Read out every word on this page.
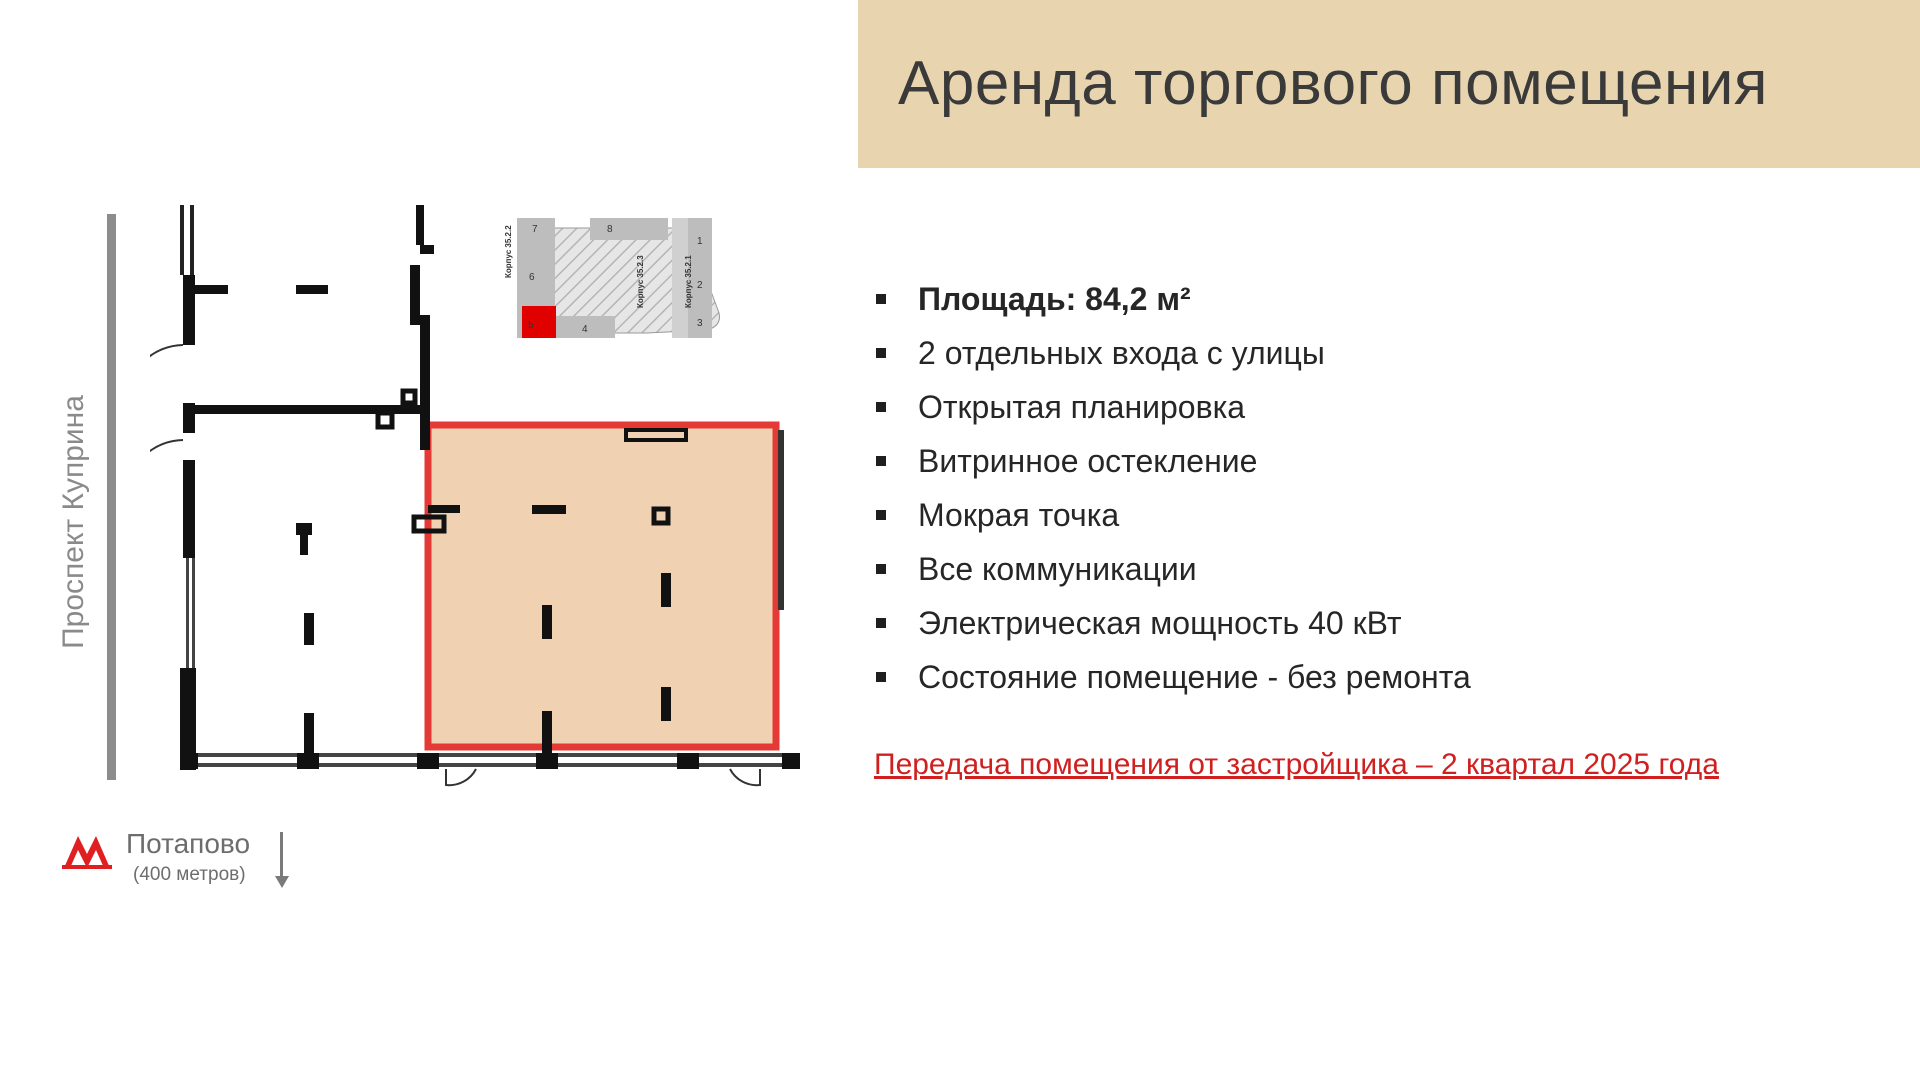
Аренда торгового помещения
Проспект Куприна
7
6
5	4
8
1
2
3
Корпус 35.2.2
Корпус 35.2.3	Корпус 35.2.1	Площадь: 84,2 м²
2 отдельных входа с улицы
Открытая планировка
Витринное остекление
Мокрая точка
Все коммуникации
Электрическая мощность 40 кВт
Состояние помещение - без ремонта
Передача помещения от застройщика – 2 квартал 2025 года
Потапово
(400 метров)
